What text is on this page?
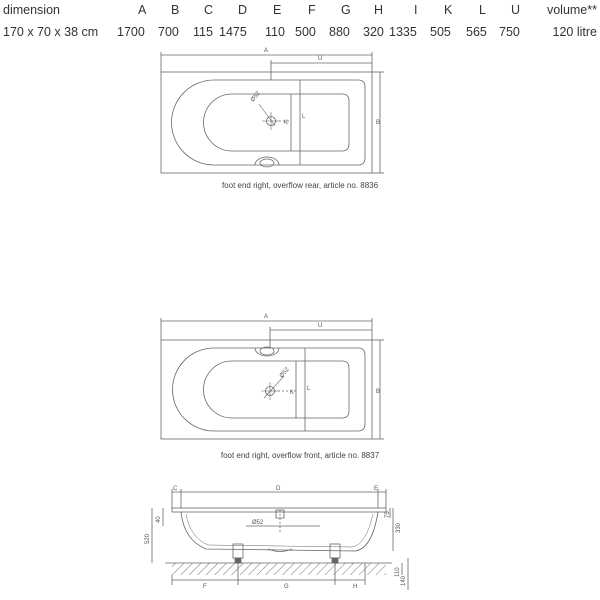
dimension	A B C D E F G H I K L U volume**
170 x 70 x 38 cm 1700 700 115 1475 110 500 880 320 1335 505 565 750	120 litre
A
U
B
K
L
Ø52
A
U
B
K
L
Ø52
C	D	E
Ø52
F	G	H
40
520
75
330
110
140
foot end right, overflow rear, article no. 8836
foot end right, overflow front, article no. 8837
